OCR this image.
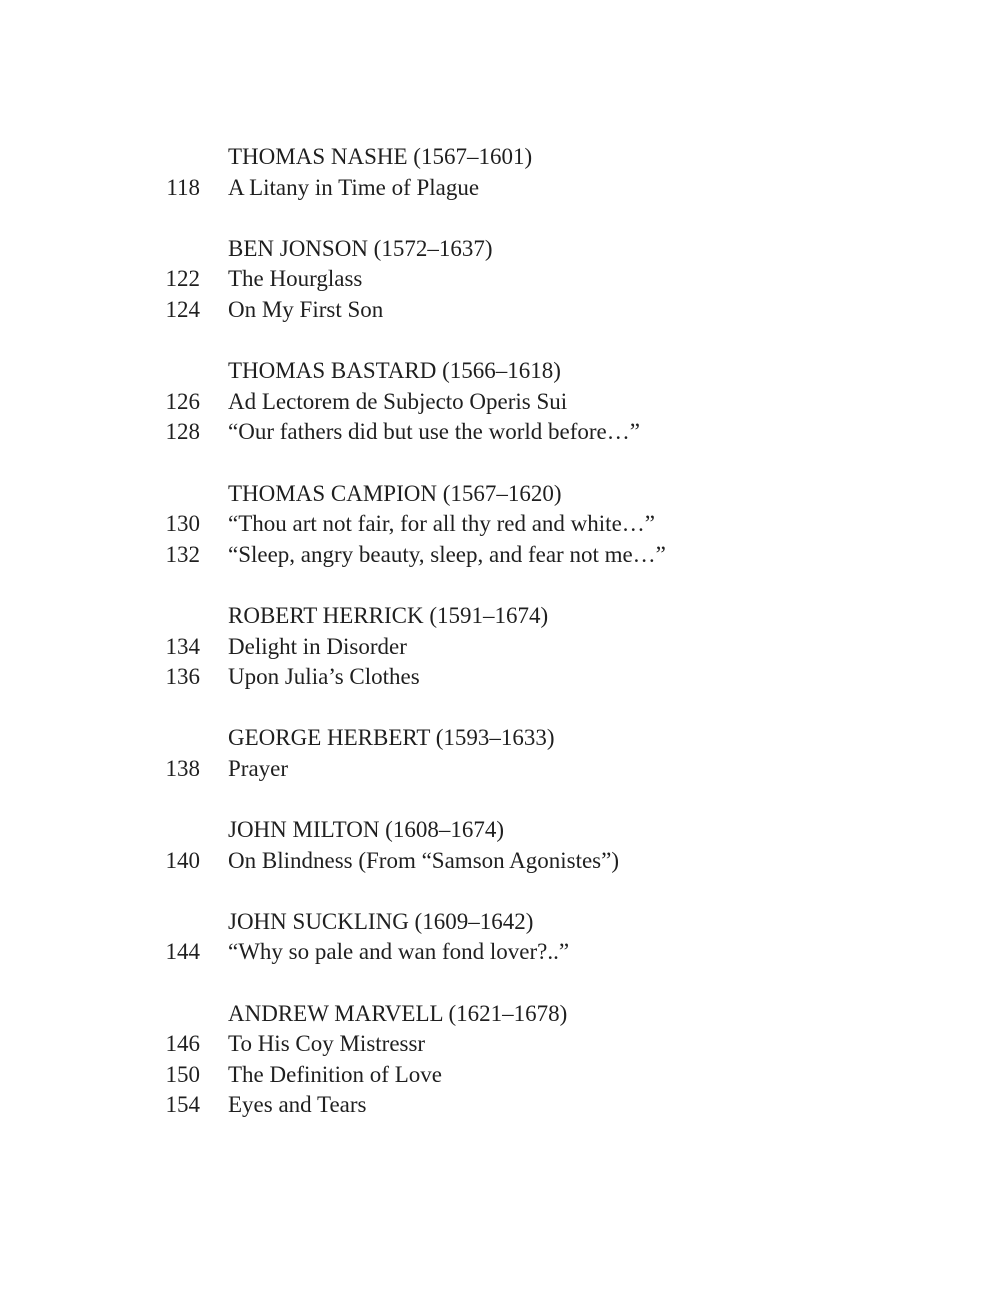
THOMAS NASHE (1567–1601)
118	A Litany in Time of Plague
BEN JONSON (1572–1637)
122	The Hourglass
124	On My First Son
THOMAS BASTARD (1566–1618)
126	Ad Lectorem de Subjecto Operis Sui
128	“Our fathers did but use the world before…”
THOMAS CAMPION (1567–1620)
130	“Thou art not fair, for all thy red and white…”
132	“Sleep, angry beauty, sleep, and fear not me…”
ROBERT HERRICK (1591–1674)
134	Delight in Disorder
136	Upon Julia’s Clothes
GEORGE HERBERT (1593–1633)
138	Prayer
JOHN MILTON (1608–1674)
140	On Blindness (From “Samson Agonistes”)
JOHN SUCKLING (1609–1642)
144	“Why so pale and wan fond lover?..”
ANDREW MARVELL (1621–1678)
146	To His Coy Mistressr
150	The Definition of Love
154	Eyes and Tears
